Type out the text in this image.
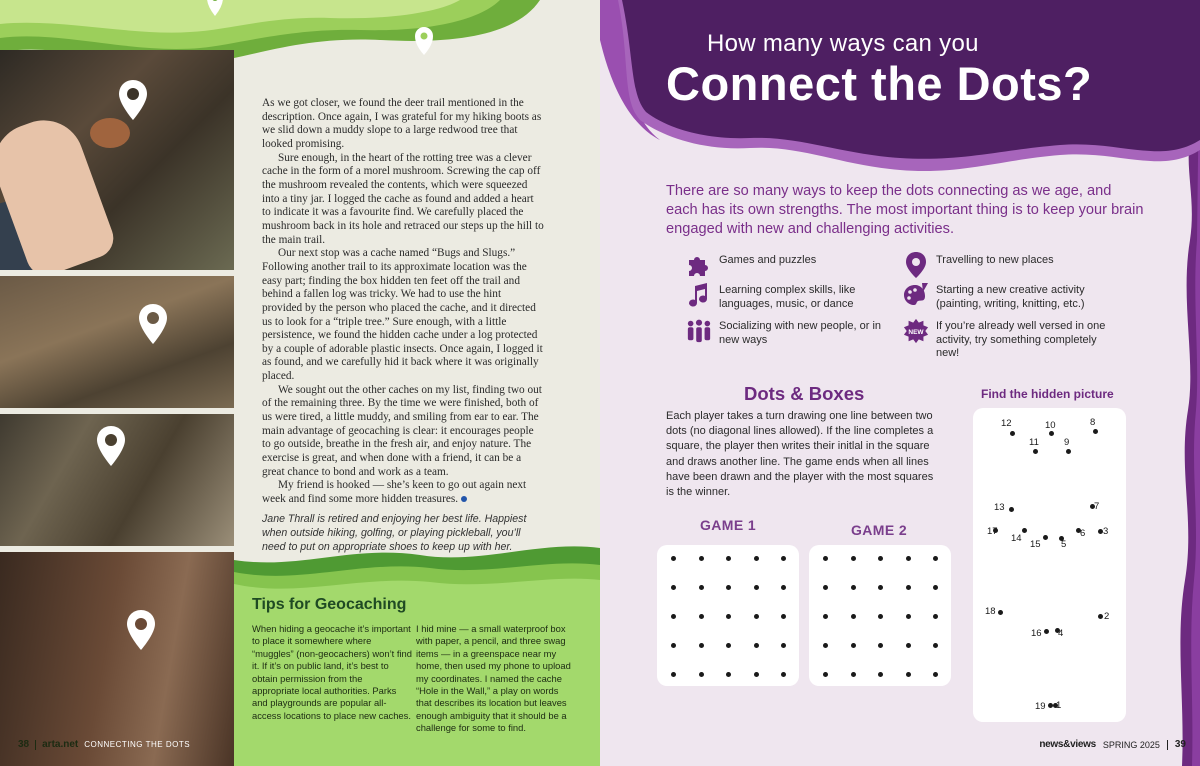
As we got closer, we found the deer trail mentioned in the description. Once again, I was grateful for my hiking boots as we slid down a muddy slope to a large redwood tree that looked promising.

Sure enough, in the heart of the rotting tree was a clever cache in the form of a morel mushroom. Screwing the cap off the mushroom revealed the contents, which were squeezed into a tiny jar. I logged the cache as found and added a heart to indicate it was a favourite find. We carefully placed the mushroom back in its hole and retraced our steps up the hill to the main trail.

Our next stop was a cache named “Bugs and Slugs.” Following another trail to its approximate location was the easy part; finding the box hidden ten feet off the trail and behind a fallen log was tricky. We had to use the hint provided by the person who placed the cache, and it directed us to look for a “triple tree.” Sure enough, with a little persistence, we found the hidden cache under a log protected by a couple of adorable plastic insects. Once again, I logged it as found, and we carefully hid it back where it was originally placed.

We sought out the other caches on my list, finding two out of the remaining three. By the time we were finished, both of us were tired, a little muddy, and smiling from ear to ear. The main advantage of geocaching is clear: it encourages people to go outside, breathe in the fresh air, and enjoy nature. The exercise is great, and when done with a friend, it can be a great chance to bond and work as a team.

My friend is hooked — she’s keen to go out again next week and find some more hidden treasures.

Jane Thrall is retired and enjoying her best life. Happiest when outside hiking, golfing, or playing pickleball, you’ll need to put on appropriate shoes to keep up with her.
Tips for Geocaching
When hiding a geocache it’s important to place it somewhere where “muggles” (non-geocachers) won’t find it. If it’s on public land, it’s best to obtain permission from the appropriate local authorities. Parks and playgrounds are popular all-access locations to place new caches.
I hid mine — a small waterproof box with paper, a pencil, and three swag items — in a greenspace near my home, then used my phone to upload my coordinates. I named the cache “Hole in the Wall,” a play on words that describes its location but leaves enough ambiguity that it should be a challenge for some to find.
38 arta.net CONNECTING THE DOTS
How many ways can you
Connect the Dots?
There are so many ways to keep the dots connecting as we age, and each has its own strengths. The most important thing is to keep your brain engaged with new and challenging activities.
Games and puzzles	Travelling to new places
Learning complex skills, like languages, music, or dance
Starting a new creative activity (painting, writing, knitting, etc.)
Socializing with new people, or in new ways
NEW
If you’re already well versed in one activity, try something completely new!
Dots & Boxes
Each player takes a turn drawing one line between two dots (no diagonal lines allowed). If the line completes a square, the player then writes their initlal in the square and draws another line. The game ends when all lines have been drawn and the player with the most squares is the winner.
GAME 1	GAME 2
Find the hidden picture
1
2
3
4
5
6
7
8
9
10
11
12
13
14
15
16
17
18
19
news&views SPRING 2025 39
